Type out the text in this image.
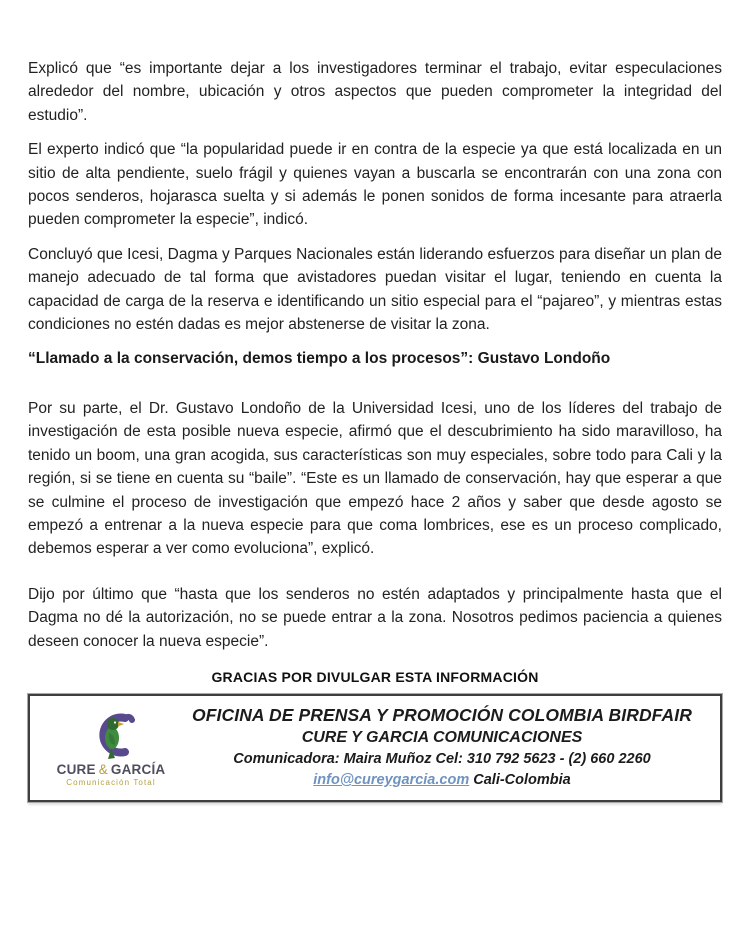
Explicó que “es importante dejar a los investigadores terminar el trabajo, evitar especulaciones alrededor del nombre, ubicación y otros aspectos que pueden comprometer la integridad del estudio”.

El experto indicó que “la popularidad puede ir en contra de la especie ya que está localizada en un sitio de alta pendiente, suelo frágil y quienes vayan a buscarla se encontrarán con una zona con pocos senderos, hojarasca suelta y si además le ponen sonidos de forma incesante para atraerla pueden comprometer la especie”, indicó.

Concluyó que Icesi, Dagma y Parques Nacionales están liderando esfuerzos para diseñar un plan de manejo adecuado de tal forma que avistadores puedan visitar el lugar, teniendo en cuenta la capacidad de carga de la reserva e identificando un sitio especial para el “pajareo”, y mientras estas condiciones no estén dadas es mejor abstenerse de visitar la zona.

“Llamado a la conservación, demos tiempo a los procesos”: Gustavo Londoño

Por su parte, el Dr. Gustavo Londoño de la Universidad Icesi, uno de los líderes del trabajo de investigación de esta posible nueva especie, afirmó que el descubrimiento ha sido maravilloso, ha tenido un boom, una gran acogida, sus características son muy especiales, sobre todo para Cali y la región, si se tiene en cuenta su “baile”. “Este es un llamado de conservación, hay que esperar a que se culmine el proceso de investigación que empezó hace 2 años y saber que desde agosto se empezó a entrenar a la nueva especie para que coma lombrices, ese es un proceso complicado, debemos esperar a ver como evoluciona”, explicó.

Dijo por último que “hasta que los senderos no estén adaptados y principalmente hasta que el Dagma no dé la autorización, no se puede entrar a la zona. Nosotros pedimos paciencia a quienes deseen conocer la nueva especie”.

GRACIAS POR DIVULGAR ESTA INFORMACIÓN
CURE & GARCÍA
Comunicación Total
OFICINA DE PRENSA Y PROMOCIÓN COLOMBIA BIRDFAIR
CURE Y GARCIA COMUNICACIONES
Comunicadora: Maira Muñoz Cel: 310 792 5623 - (2) 660 2260
info@cureygarcia.com Cali-Colombia
